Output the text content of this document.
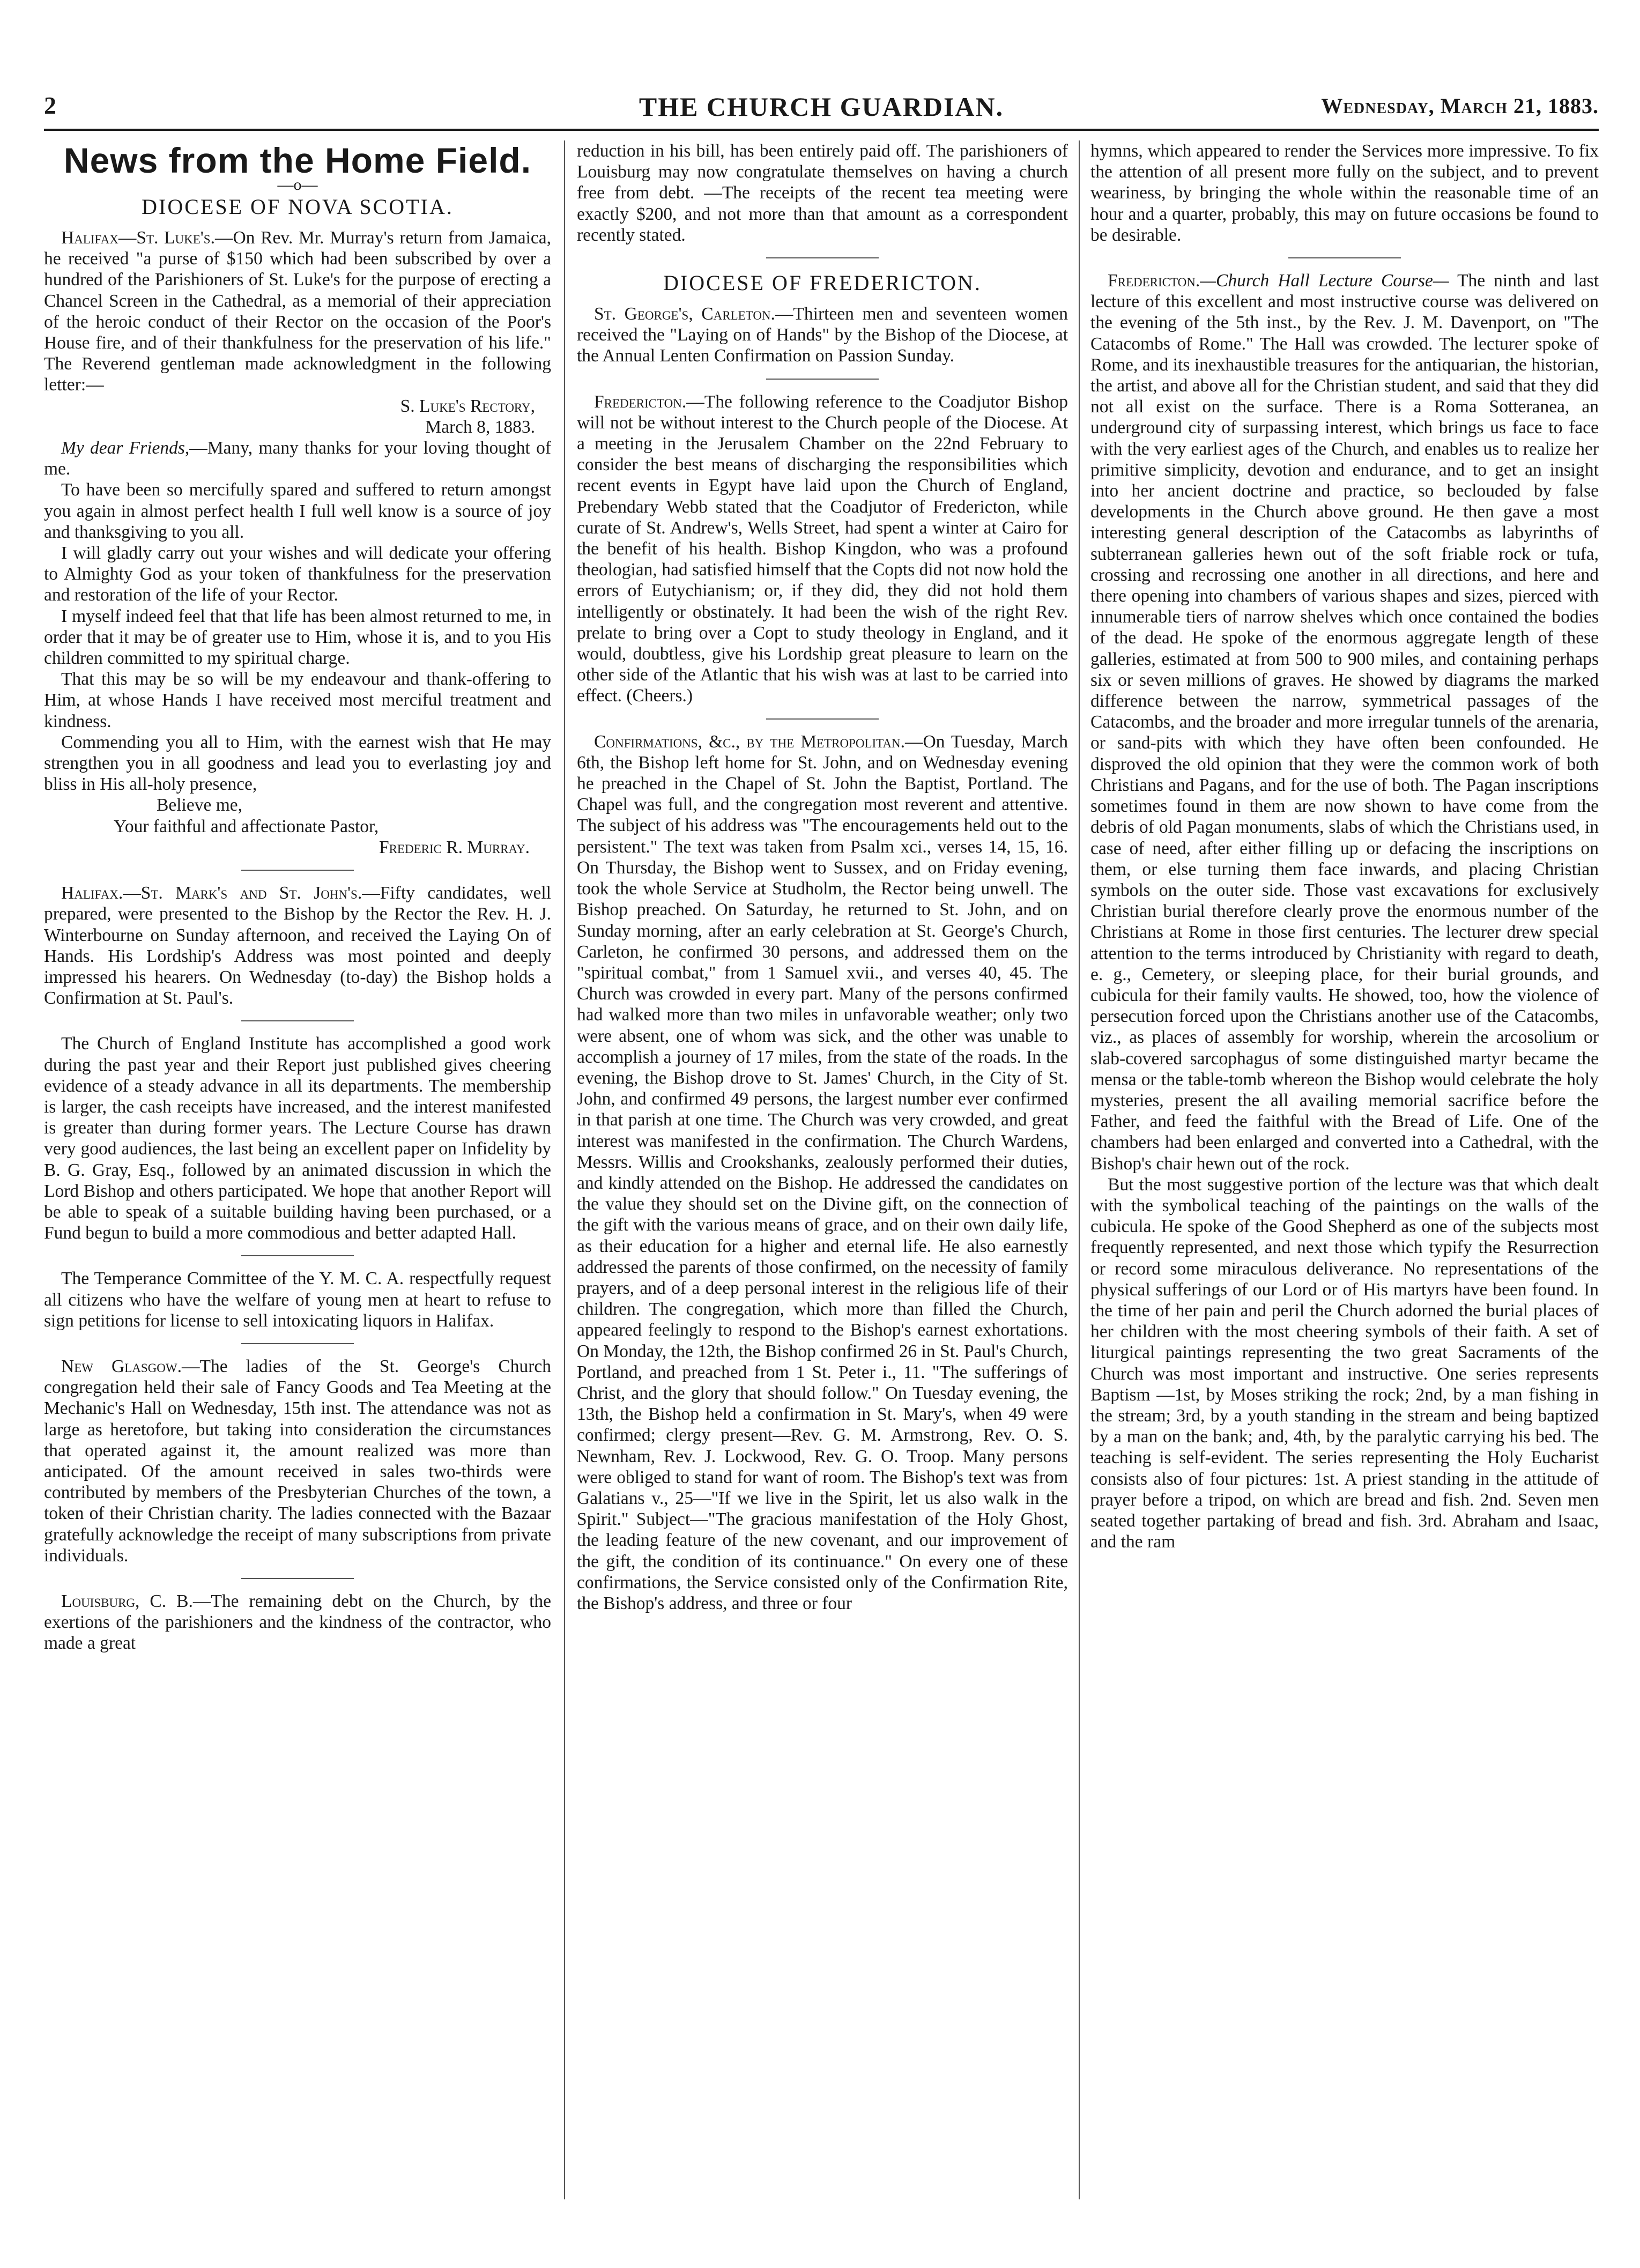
2	THE CHURCH GUARDIAN.	Wednesday, March 21, 1883.
News from the Home Field.
—o—
DIOCESE OF NOVA SCOTIA.

Halifax—St. Luke's.—On Rev. Mr. Murray's return from Jamaica, he received "a purse of $150 which had been subscribed by over a hundred of the Parishioners of St. Luke's for the purpose of erecting a Chancel Screen in the Cathedral, as a memorial of their appreciation of the heroic conduct of their Rector on the occasion of the Poor's House fire, and of their thankfulness for the preservation of his life." The Reverend gentleman made acknowledgment in the following letter:—

S. Luke's Rectory,

March 8, 1883.

My dear Friends,—Many, many thanks for your loving thought of me.

To have been so mercifully spared and suffered to return amongst you again in almost perfect health I full well know is a source of joy and thanksgiving to you all.

I will gladly carry out your wishes and will dedicate your offering to Almighty God as your token of thankfulness for the preservation and restoration of the life of your Rector.

I myself indeed feel that that life has been almost returned to me, in order that it may be of greater use to Him, whose it is, and to you His children committed to my spiritual charge.

That this may be so will be my endeavour and thank-offering to Him, at whose Hands I have received most merciful treatment and kindness.

Commending you all to Him, with the earnest wish that He may strengthen you in all goodness and lead you to everlasting joy and bliss in His all-holy presence,

Believe me,

Your faithful and affectionate Pastor,

Frederic R. Murray.

Halifax.—St. Mark's and St. John's.—Fifty candidates, well prepared, were presented to the Bishop by the Rector the Rev. H. J. Winterbourne on Sunday afternoon, and received the Laying On of Hands. His Lordship's Address was most pointed and deeply impressed his hearers. On Wednesday (to-day) the Bishop holds a Confirmation at St. Paul's.

The Church of England Institute has accomplished a good work during the past year and their Report just published gives cheering evidence of a steady advance in all its departments. The membership is larger, the cash receipts have increased, and the interest manifested is greater than during former years. The Lecture Course has drawn very good audiences, the last being an excellent paper on Infidelity by B. G. Gray, Esq., followed by an animated discussion in which the Lord Bishop and others participated. We hope that another Report will be able to speak of a suitable building having been purchased, or a Fund begun to build a more commodious and better adapted Hall.

The Temperance Committee of the Y. M. C. A. respectfully request all citizens who have the welfare of young men at heart to refuse to sign petitions for license to sell intoxicating liquors in Halifax.

New Glasgow.—The ladies of the St. George's Church congregation held their sale of Fancy Goods and Tea Meeting at the Mechanic's Hall on Wednesday, 15th inst. The attendance was not as large as heretofore, but taking into consideration the circumstances that operated against it, the amount realized was more than anticipated. Of the amount received in sales two-thirds were contributed by members of the Presbyterian Churches of the town, a token of their Christian charity. The ladies connected with the Bazaar gratefully acknowledge the receipt of many subscriptions from private individuals.

Louisburg, C. B.—The remaining debt on the Church, by the exertions of the parishioners and the kindness of the contractor, who made a great

reduction in his bill, has been entirely paid off. The parishioners of Louisburg may now congratulate themselves on having a church free from debt. —The receipts of the recent tea meeting were exactly $200, and not more than that amount as a correspondent recently stated.

DIOCESE OF FREDERICTON.

St. George's, Carleton.—Thirteen men and seventeen women received the "Laying on of Hands" by the Bishop of the Diocese, at the Annual Lenten Confirmation on Passion Sunday.

Fredericton.—The following reference to the Coadjutor Bishop will not be without interest to the Church people of the Diocese. At a meeting in the Jerusalem Chamber on the 22nd February to consider the best means of discharging the responsibilities which recent events in Egypt have laid upon the Church of England, Prebendary Webb stated that the Coadjutor of Fredericton, while curate of St. Andrew's, Wells Street, had spent a winter at Cairo for the benefit of his health. Bishop Kingdon, who was a profound theologian, had satisfied himself that the Copts did not now hold the errors of Eutychianism; or, if they did, they did not hold them intelligently or obstinately. It had been the wish of the right Rev. prelate to bring over a Copt to study theology in England, and it would, doubtless, give his Lordship great pleasure to learn on the other side of the Atlantic that his wish was at last to be carried into effect. (Cheers.)

Confirmations, &c., by the Metropolitan.—On Tuesday, March 6th, the Bishop left home for St. John, and on Wednesday evening he preached in the Chapel of St. John the Baptist, Portland. The Chapel was full, and the congregation most reverent and attentive. The subject of his address was "The encouragements held out to the persistent." The text was taken from Psalm xci., verses 14, 15, 16. On Thursday, the Bishop went to Sussex, and on Friday evening, took the whole Service at Studholm, the Rector being unwell. The Bishop preached. On Saturday, he returned to St. John, and on Sunday morning, after an early celebration at St. George's Church, Carleton, he confirmed 30 persons, and addressed them on the "spiritual combat," from 1 Samuel xvii., and verses 40, 45. The Church was crowded in every part. Many of the persons confirmed had walked more than two miles in unfavorable weather; only two were absent, one of whom was sick, and the other was unable to accomplish a journey of 17 miles, from the state of the roads. In the evening, the Bishop drove to St. James' Church, in the City of St. John, and confirmed 49 persons, the largest number ever confirmed in that parish at one time. The Church was very crowded, and great interest was manifested in the confirmation. The Church Wardens, Messrs. Willis and Crookshanks, zealously performed their duties, and kindly attended on the Bishop. He addressed the candidates on the value they should set on the Divine gift, on the connection of the gift with the various means of grace, and on their own daily life, as their education for a higher and eternal life. He also earnestly addressed the parents of those confirmed, on the necessity of family prayers, and of a deep personal interest in the religious life of their children. The congregation, which more than filled the Church, appeared feelingly to respond to the Bishop's earnest exhortations. On Monday, the 12th, the Bishop confirmed 26 in St. Paul's Church, Portland, and preached from 1 St. Peter i., 11. "The sufferings of Christ, and the glory that should follow." On Tuesday evening, the 13th, the Bishop held a confirmation in St. Mary's, when 49 were confirmed; clergy present—Rev. G. M. Armstrong, Rev. O. S. Newnham, Rev. J. Lockwood, Rev. G. O. Troop. Many persons were obliged to stand for want of room. The Bishop's text was from Galatians v., 25—"If we live in the Spirit, let us also walk in the Spirit." Subject—"The gracious manifestation of the Holy Ghost, the leading feature of the new covenant, and our improvement of the gift, the condition of its continuance." On every one of these confirmations, the Service consisted only of the Confirmation Rite, the Bishop's address, and three or four

hymns, which appeared to render the Services more impressive. To fix the attention of all present more fully on the subject, and to prevent weariness, by bringing the whole within the reasonable time of an hour and a quarter, probably, this may on future occasions be found to be desirable.

Fredericton.—Church Hall Lecture Course— The ninth and last lecture of this excellent and most instructive course was delivered on the evening of the 5th inst., by the Rev. J. M. Davenport, on "The Catacombs of Rome." The Hall was crowded. The lecturer spoke of Rome, and its inexhaustible treasures for the antiquarian, the historian, the artist, and above all for the Christian student, and said that they did not all exist on the surface. There is a Roma Sotteranea, an underground city of surpassing interest, which brings us face to face with the very earliest ages of the Church, and enables us to realize her primitive simplicity, devotion and endurance, and to get an insight into her ancient doctrine and practice, so beclouded by false developments in the Church above ground. He then gave a most interesting general description of the Catacombs as labyrinths of subterranean galleries hewn out of the soft friable rock or tufa, crossing and recrossing one another in all directions, and here and there opening into chambers of various shapes and sizes, pierced with innumerable tiers of narrow shelves which once contained the bodies of the dead. He spoke of the enormous aggregate length of these galleries, estimated at from 500 to 900 miles, and containing perhaps six or seven millions of graves. He showed by diagrams the marked difference between the narrow, symmetrical passages of the Catacombs, and the broader and more irregular tunnels of the arenaria, or sand-pits with which they have often been confounded. He disproved the old opinion that they were the common work of both Christians and Pagans, and for the use of both. The Pagan inscriptions sometimes found in them are now shown to have come from the debris of old Pagan monuments, slabs of which the Christians used, in case of need, after either filling up or defacing the inscriptions on them, or else turning them face inwards, and placing Christian symbols on the outer side. Those vast excavations for exclusively Christian burial therefore clearly prove the enormous number of the Christians at Rome in those first centuries. The lecturer drew special attention to the terms introduced by Christianity with regard to death, e. g., Cemetery, or sleeping place, for their burial grounds, and cubicula for their family vaults. He showed, too, how the violence of persecution forced upon the Christians another use of the Catacombs, viz., as places of assembly for worship, wherein the arcosolium or slab-covered sarcophagus of some distinguished martyr became the mensa or the table-tomb whereon the Bishop would celebrate the holy mysteries, present the all availing memorial sacrifice before the Father, and feed the faithful with the Bread of Life. One of the chambers had been enlarged and converted into a Cathedral, with the Bishop's chair hewn out of the rock.

But the most suggestive portion of the lecture was that which dealt with the symbolical teaching of the paintings on the walls of the cubicula. He spoke of the Good Shepherd as one of the subjects most frequently represented, and next those which typify the Resurrection or record some miraculous deliverance. No representations of the physical sufferings of our Lord or of His martyrs have been found. In the time of her pain and peril the Church adorned the burial places of her children with the most cheering symbols of their faith. A set of liturgical paintings representing the two great Sacraments of the Church was most important and instructive. One series represents Baptism —1st, by Moses striking the rock; 2nd, by a man fishing in the stream; 3rd, by a youth standing in the stream and being baptized by a man on the bank; and, 4th, by the paralytic carrying his bed. The teaching is self-evident. The series representing the Holy Eucharist consists also of four pictures: 1st. A priest standing in the attitude of prayer before a tripod, on which are bread and fish. 2nd. Seven men seated together partaking of bread and fish. 3rd. Abraham and Isaac, and the ram
